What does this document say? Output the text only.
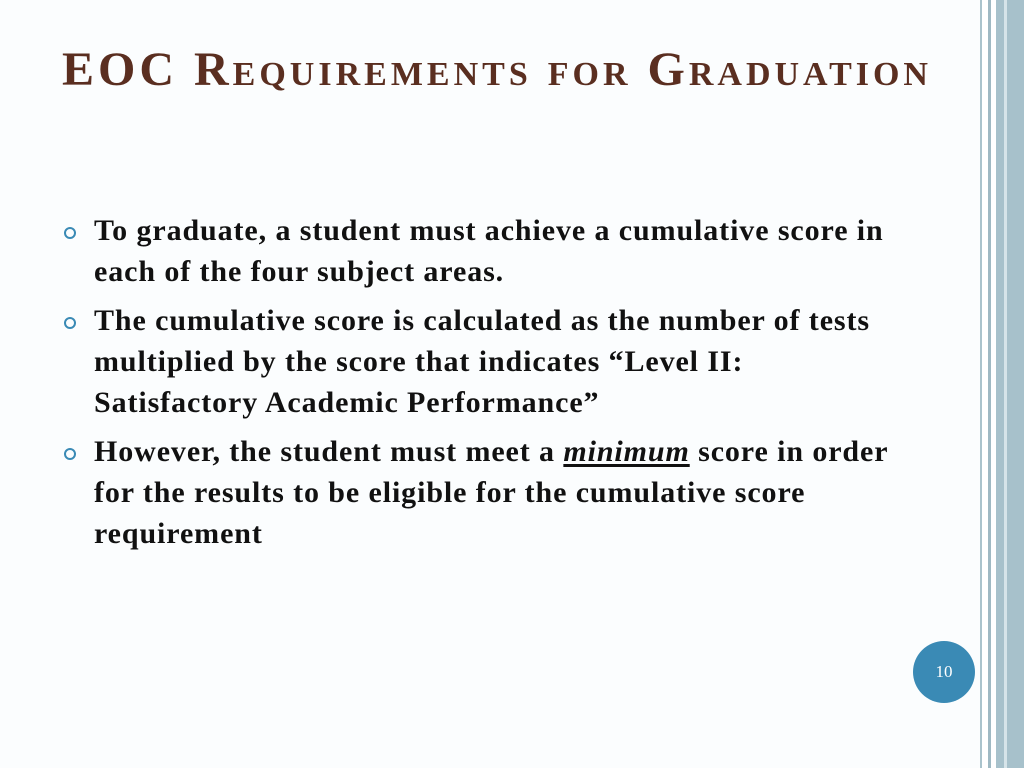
EOC Requirements for Graduation
To graduate, a student must achieve a cumulative score in each of the four subject areas.
The cumulative score is calculated as the number of tests multiplied by the score that indicates “Level II: Satisfactory Academic Performance”
However, the student must meet a minimum score in order for the results to be eligible for the cumulative score requirement
10
